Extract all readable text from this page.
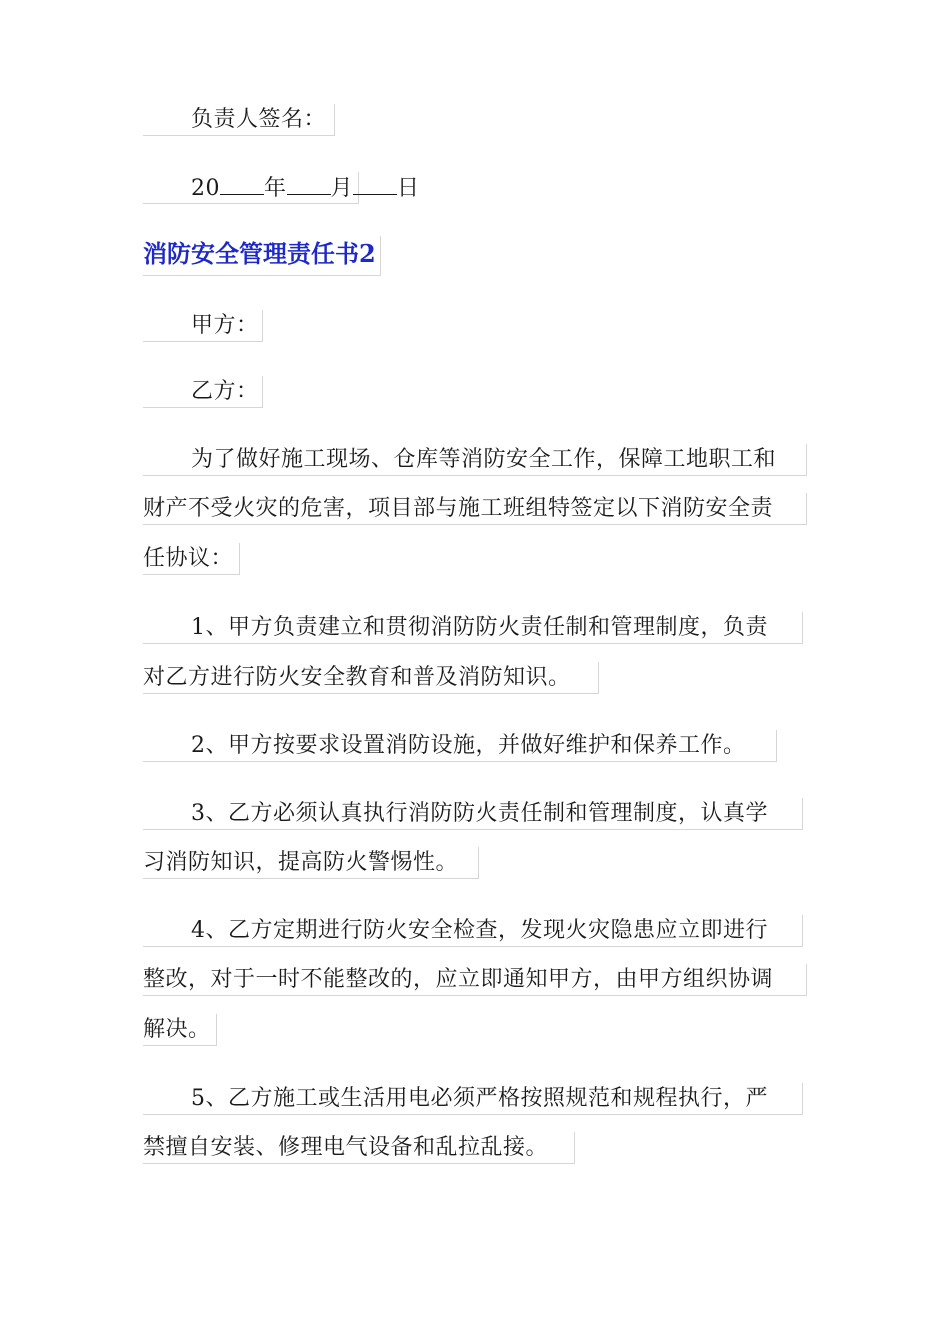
负责人签名：
20 年 月 日
消防安全管理责任书2
甲方：
乙方：
为了做好施工现场、仓库等消防安全工作，保障工地职工和
财产不受火灾的危害，项目部与施工班组特签定以下消防安全责
任协议：
1、甲方负责建立和贯彻消防防火责任制和管理制度，负责
对乙方进行防火安全教育和普及消防知识。
2、甲方按要求设置消防设施，并做好维护和保养工作。
3、乙方必须认真执行消防防火责任制和管理制度，认真学
习消防知识，提高防火警惕性。
4、乙方定期进行防火安全检查，发现火灾隐患应立即进行
整改，对于一时不能整改的，应立即通知甲方，由甲方组织协调
解决。
5、乙方施工或生活用电必须严格按照规范和规程执行，严
禁擅自安装、修理电气设备和乱拉乱接。
